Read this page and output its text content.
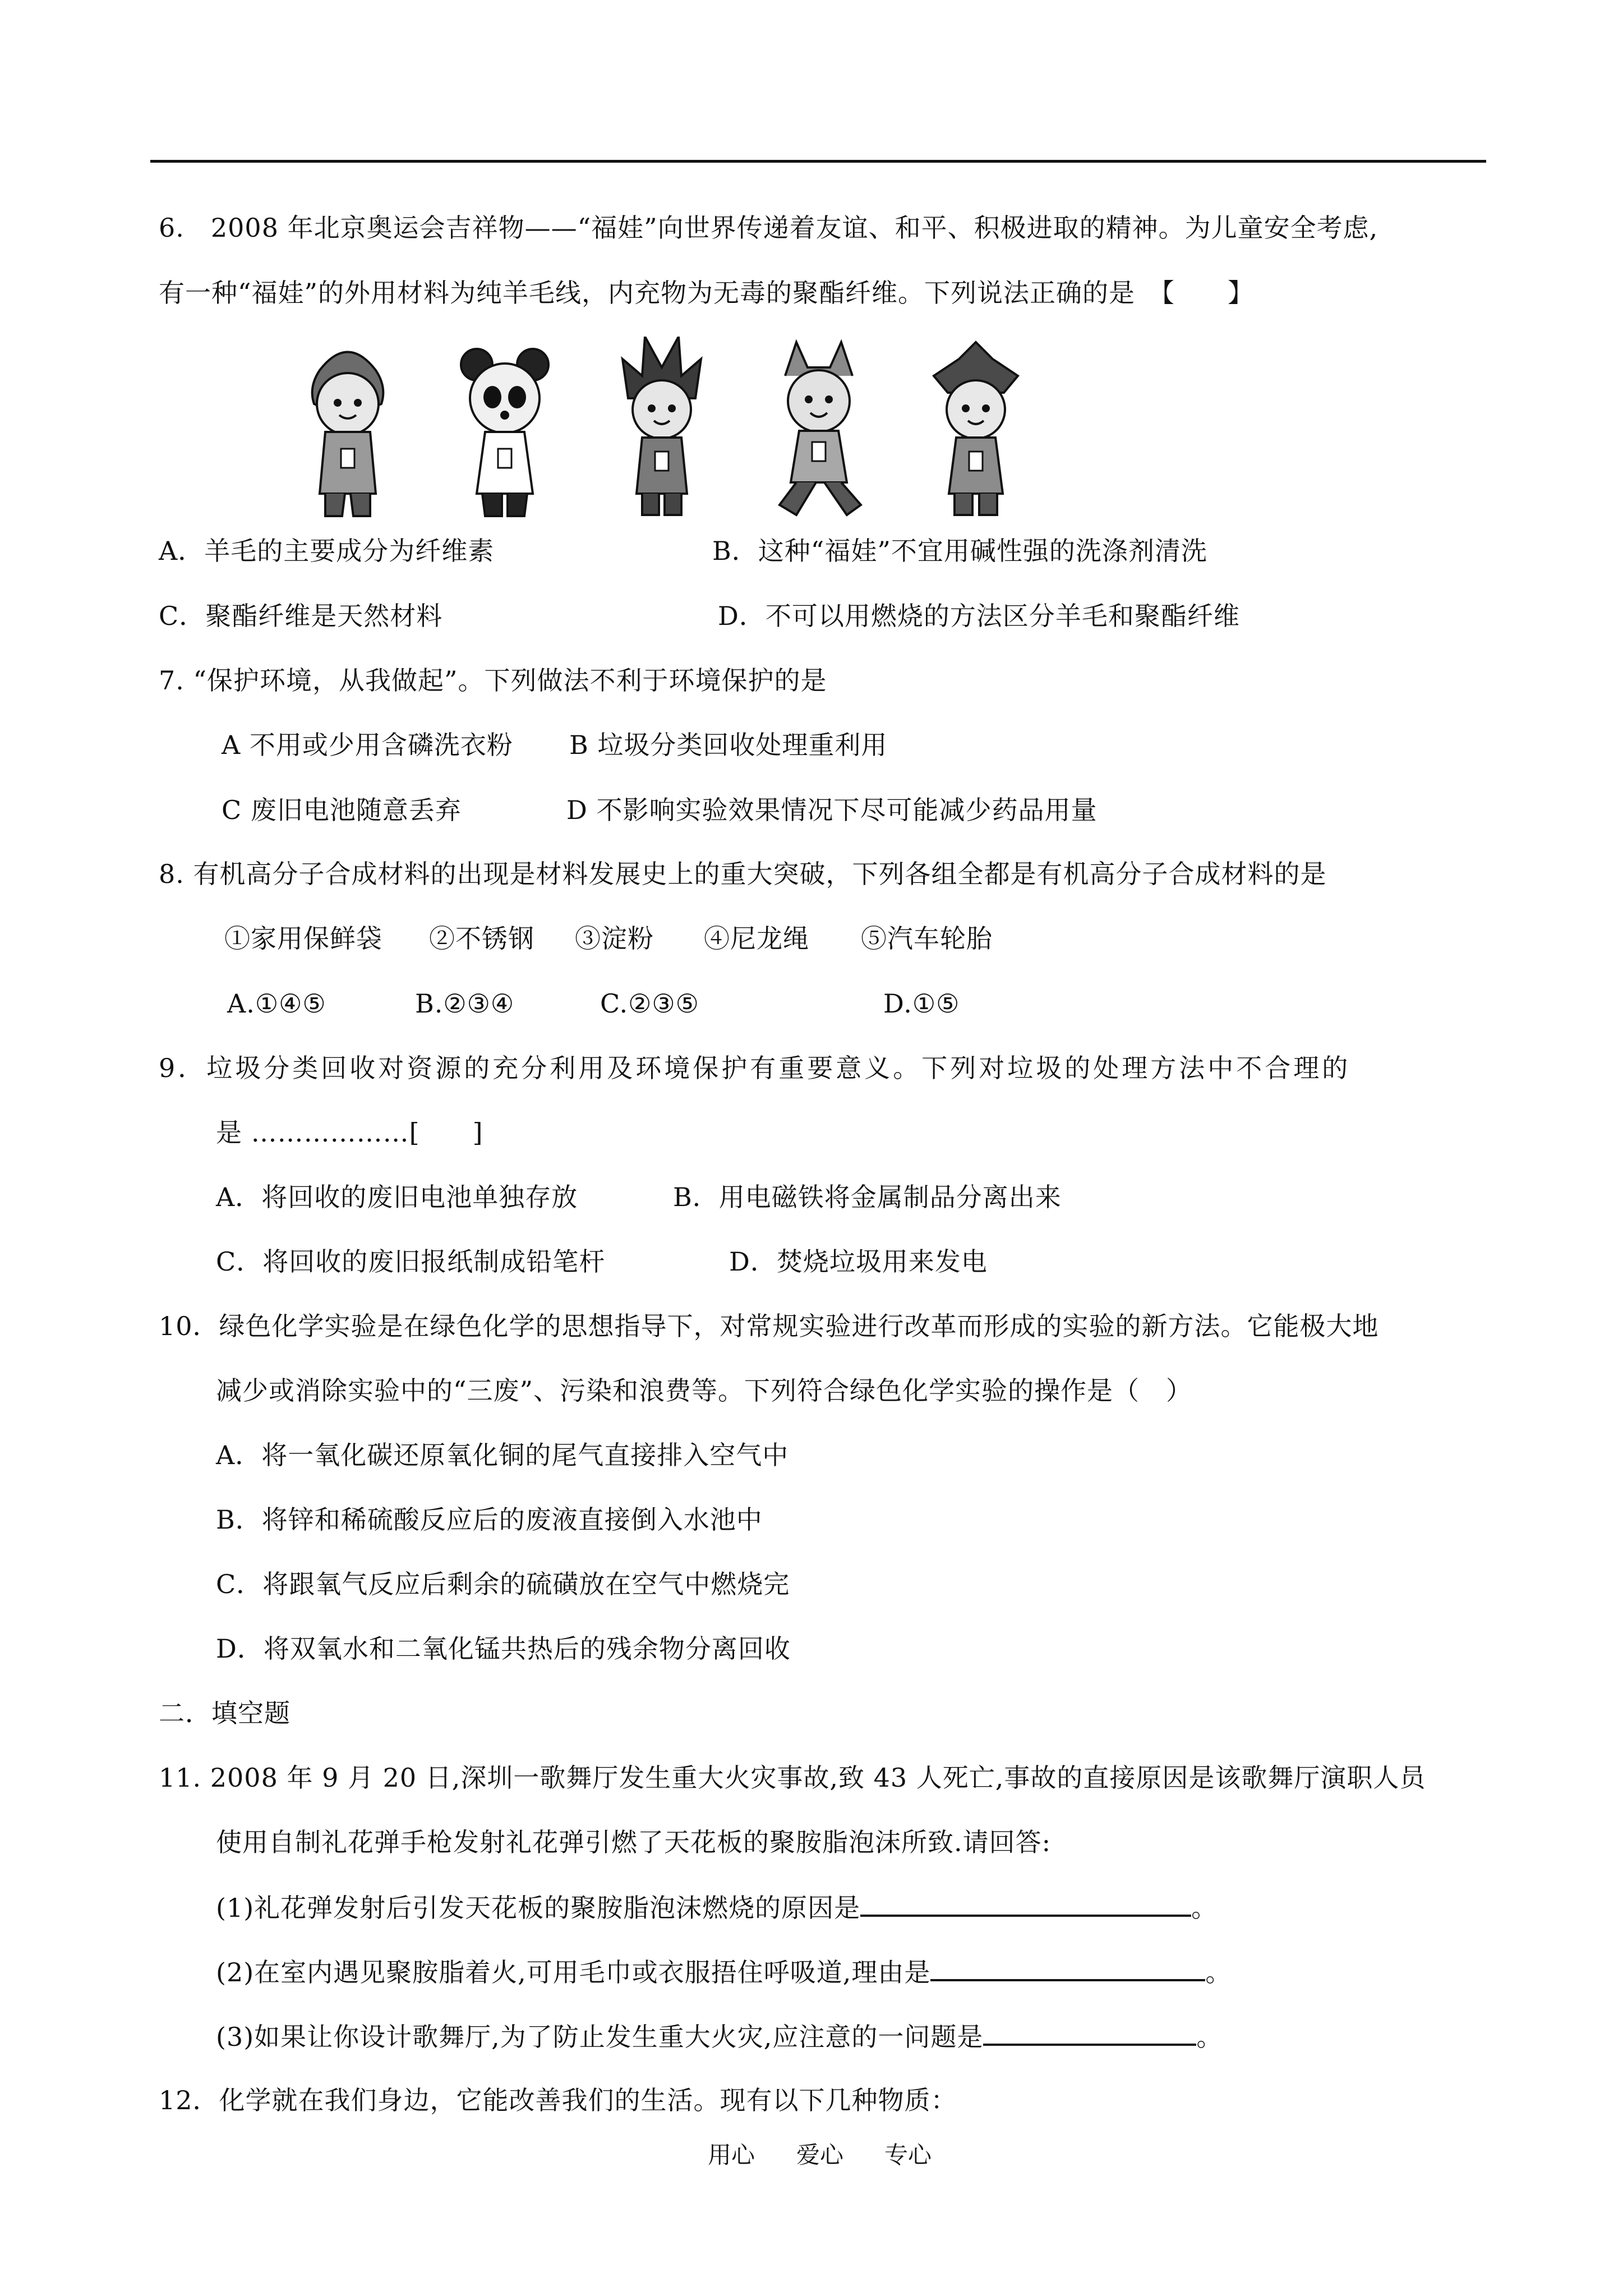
6.　2008 年北京奥运会吉祥物——“福娃”向世界传递着友谊、和平、积极进取的精神。为儿童安全考虑,
有一种“福娃”的外用材料为纯羊毛线，内充物为无毒的聚酯纤维。下列说法正确的是　【　　】
A．羊毛的主要成分为纤维素	B．这种“福娃”不宜用碱性强的洗涤剂清洗
C．聚酯纤维是天然材料	D．不可以用燃烧的方法区分羊毛和聚酯纤维
7. “保护环境，从我做起”。下列做法不利于环境保护的是
A 不用或少用含磷洗衣粉 B 垃圾分类回收处理重利用
C 废旧电池随意丢弃	D 不影响实验效果情况下尽可能减少药品用量
8. 有机高分子合成材料的出现是材料发展史上的重大突破，下列各组全都是有机高分子合成材料的是
①家用保鲜袋 ②不锈钢 ③淀粉 ④尼龙绳 ⑤汽车轮胎
A.①④⑤	B.②③④	C.②③⑤	D.①⑤
9．垃圾分类回收对资源的充分利用及环境保护有重要意义。下列对垃圾的处理方法中不合理的
是 ………………[　　]
A．将回收的废旧电池单独存放	B．用电磁铁将金属制品分离出来
C．将回收的废旧报纸制成铅笔杆	D．焚烧垃圾用来发电
10．绿色化学实验是在绿色化学的思想指导下，对常规实验进行改革而形成的实验的新方法。它能极大地
减少或消除实验中的“三废”、污染和浪费等。下列符合绿色化学实验的操作是（　）
A．将一氧化碳还原氧化铜的尾气直接排入空气中
B．将锌和稀硫酸反应后的废液直接倒入水池中
C．将跟氧气反应后剩余的硫磺放在空气中燃烧完
D．将双氧水和二氧化锰共热后的残余物分离回收
二．填空题
11. 2008 年 9 月 20 日,深圳一歌舞厅发生重大火灾事故,致 43 人死亡,事故的直接原因是该歌舞厅演职人员
使用自制礼花弹手枪发射礼花弹引燃了天花板的聚胺脂泡沫所致.请回答:
(1)礼花弹发射后引发天花板的聚胺脂泡沫燃烧的原因是	。
(2)在室内遇见聚胺脂着火,可用毛巾或衣服捂住呼吸道,理由是	。
(3)如果让你设计歌舞厅,为了防止发生重大火灾,应注意的一问题是	。
12．化学就在我们身边，它能改善我们的生活。现有以下几种物质：
用心 爱心 专心
